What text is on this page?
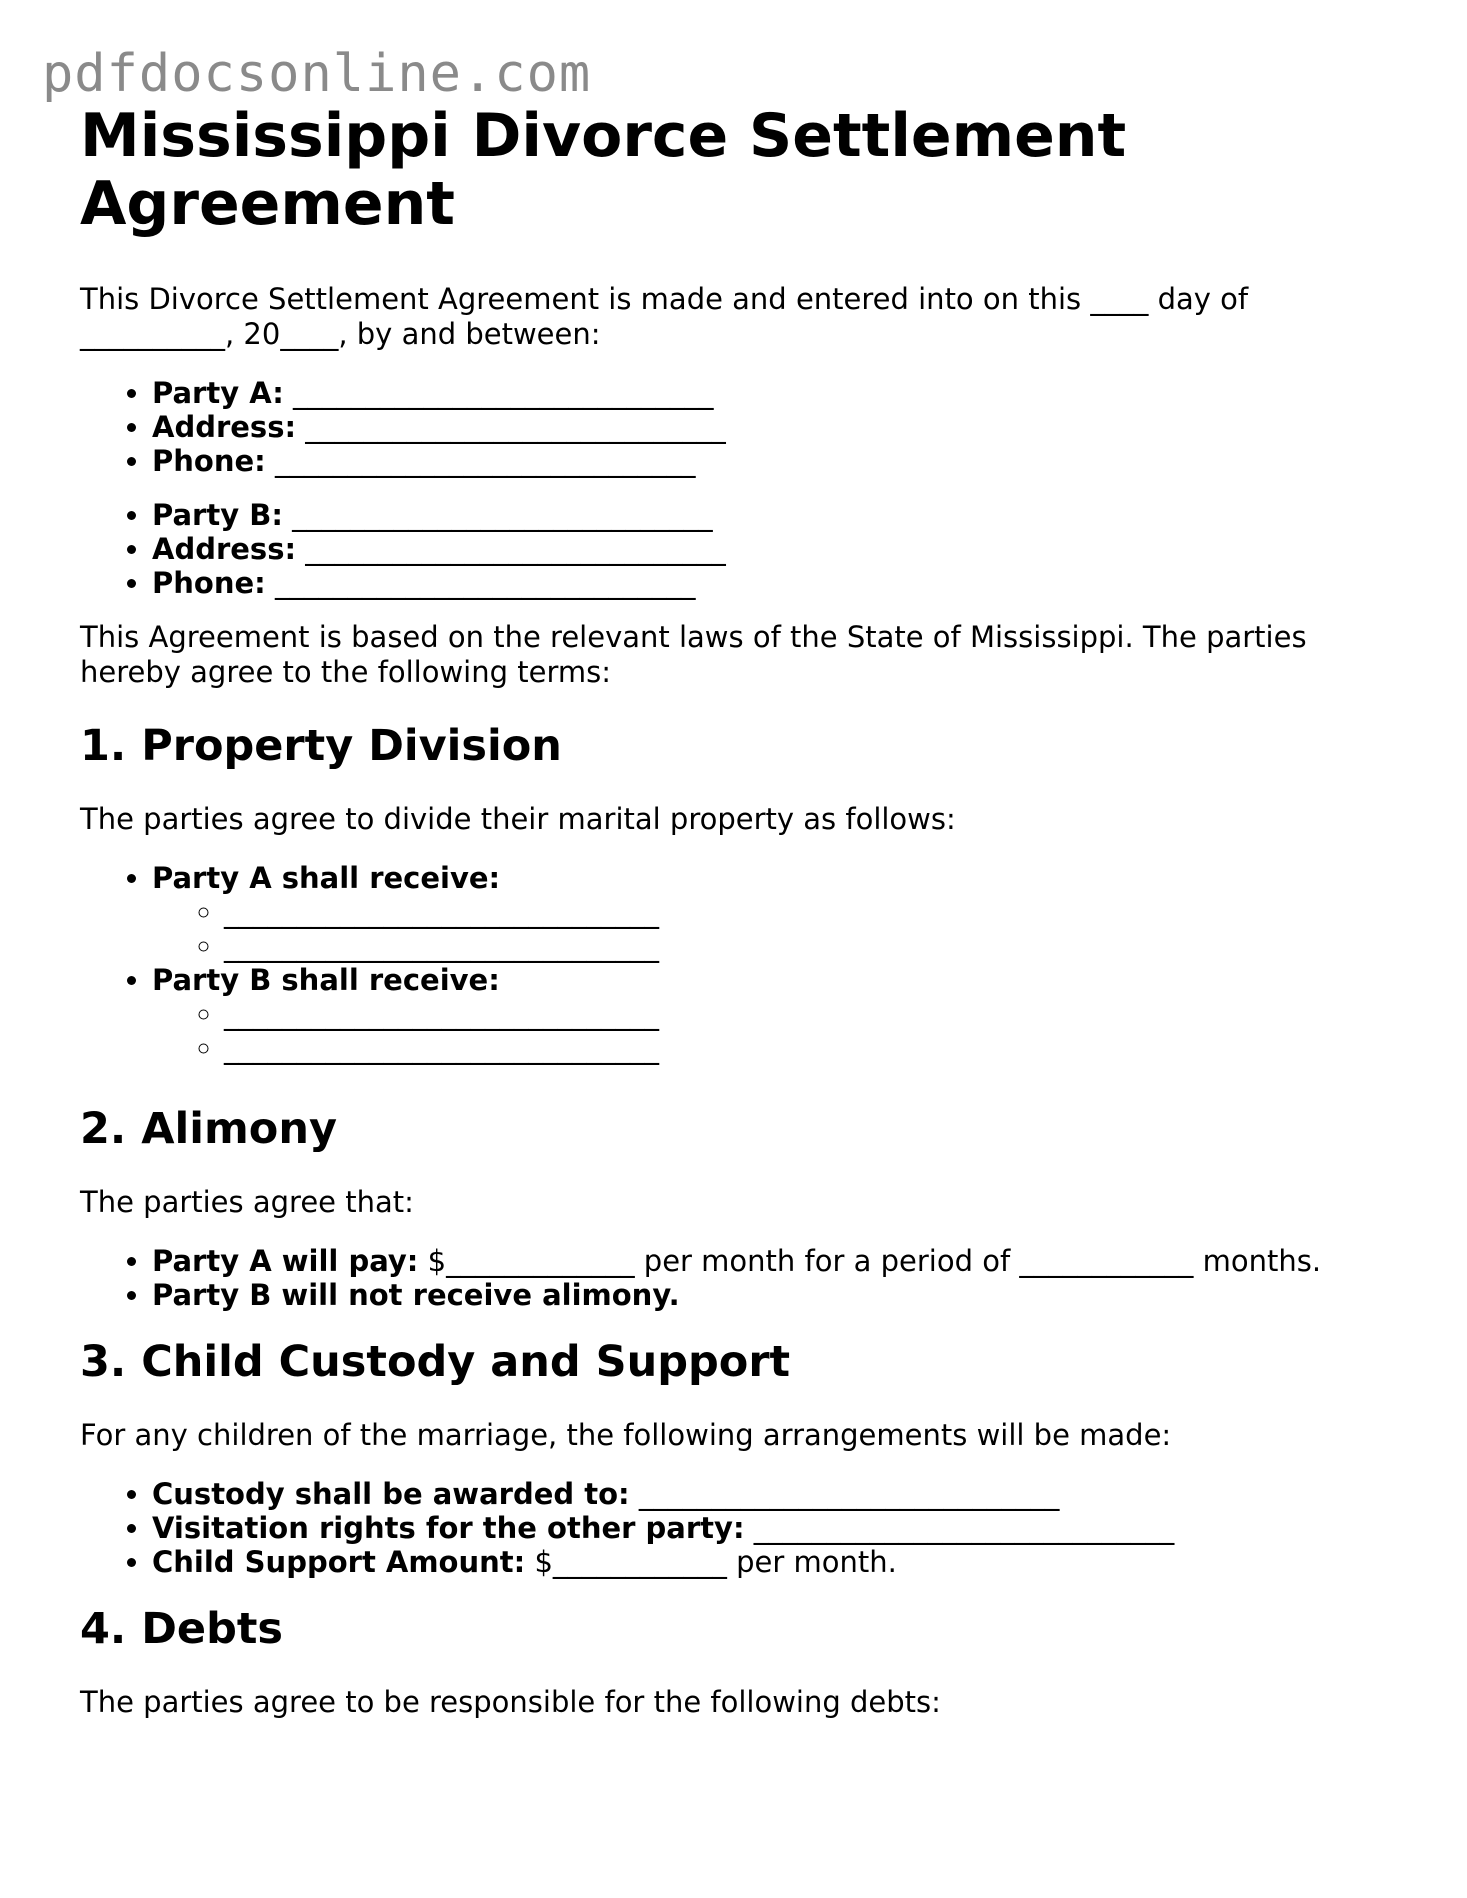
pdfdocsonline.com
Mississippi Divorce Settlement Agreement

This Divorce Settlement Agreement is made and entered into on this ____ day of __________, 20____, by and between:

• Party A: _____________________________
• Address: _____________________________
• Phone: _____________________________
• Party B: _____________________________
• Address: _____________________________
• Phone: _____________________________

This Agreement is based on the relevant laws of the State of Mississippi. The parties hereby agree to the following terms:

1. Property Division

The parties agree to divide their marital property as follows:

• Party A shall receive:
◦ ______________________________
◦ ______________________________
• Party B shall receive:
◦ ______________________________
◦ ______________________________
2. Alimony

The parties agree that:

• Party A will pay: $_____________ per month for a period of ____________ months.
• Party B will not receive alimony.
3. Child Custody and Support

For any children of the marriage, the following arrangements will be made:

• Custody shall be awarded to: _____________________________
• Visitation rights for the other party: _____________________________
• Child Support Amount: $____________ per month.
4. Debts

The parties agree to be responsible for the following debts:
